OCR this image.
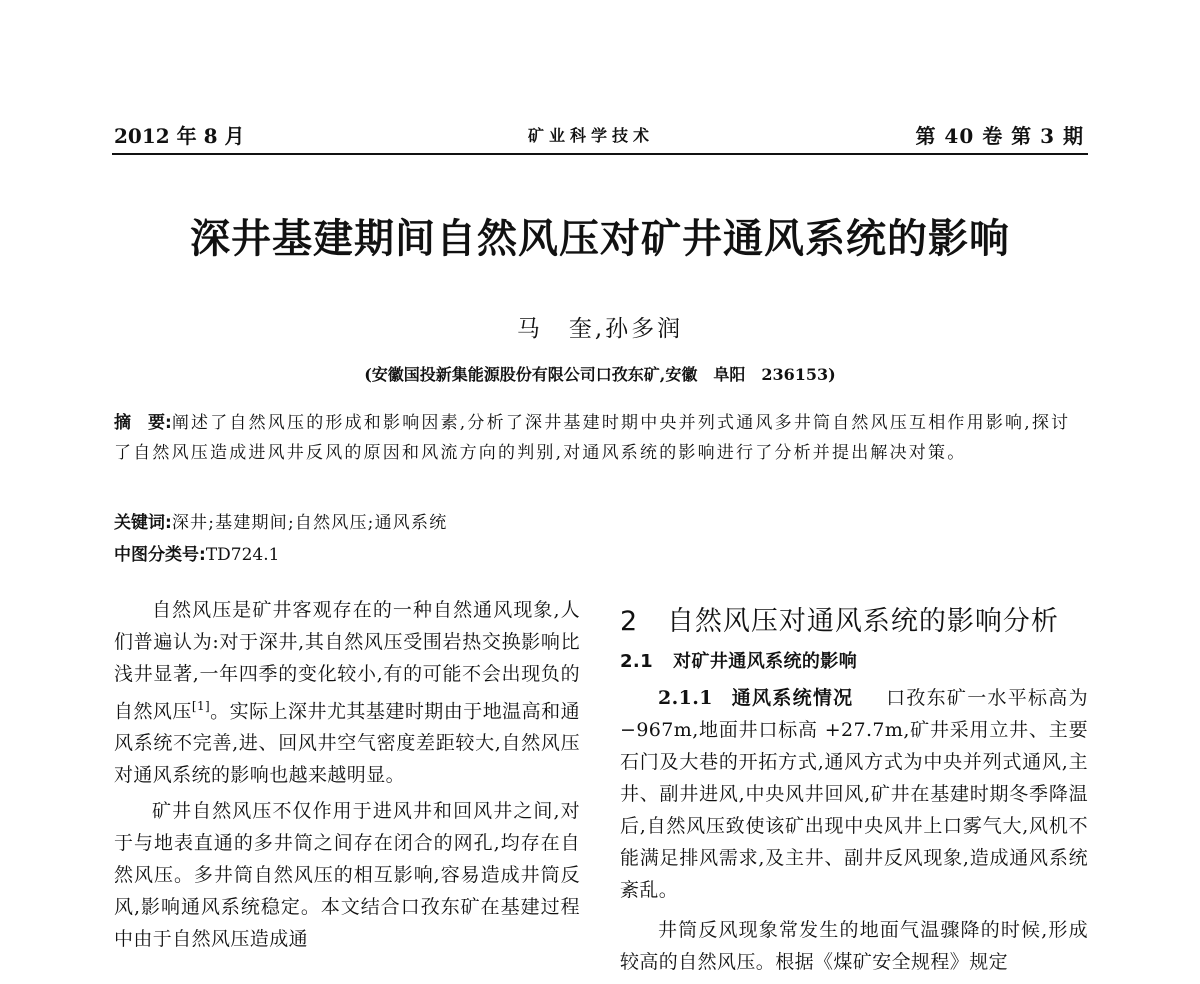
2012 年 8 月	矿业科学技术	第 40 卷 第 3 期
深井基建期间自然风压对矿井通风系统的影响
马　奎,孙多润
(安徽国投新集能源股份有限公司口孜东矿,安徽　阜阳　236153)
摘　要:阐述了自然风压的形成和影响因素,分析了深井基建时期中央并列式通风多井筒自然风压互相作用影响,探讨了自然风压造成进风井反风的原因和风流方向的判别,对通风系统的影响进行了分析并提出解决对策。
关键词:深井;基建期间;自然风压;通风系统
中图分类号:TD724.1

自然风压是矿井客观存在的一种自然通风现象,人们普遍认为:对于深井,其自然风压受围岩热交换影响比浅井显著,一年四季的变化较小,有的可能不会出现负的自然风压[1]。实际上深井尤其基建时期由于地温高和通风系统不完善,进、回风井空气密度差距较大,自然风压对通风系统的影响也越来越明显。

矿井自然风压不仅作用于进风井和回风井之间,对于与地表直通的多井筒之间存在闭合的网孔,均存在自然风压。多井筒自然风压的相互影响,容易造成井筒反风,影响通风系统稳定。本文结合口孜东矿在基建过程中由于自然风压造成通

2 自然风压对通风系统的影响分析
2.1 对矿井通风系统的影响

2.1.1 通风系统情况 口孜东矿一水平标高为 −967m,地面井口标高 +27.7m,矿井采用立井、主要石门及大巷的开拓方式,通风方式为中央并列式通风,主井、副井进风,中央风井回风,矿井在基建时期冬季降温后,自然风压致使该矿出现中央风井上口雾气大,风机不能满足排风需求,及主井、副井反风现象,造成通风系统紊乱。

井筒反风现象常发生的地面气温骤降的时候,形成较高的自然风压。根据《煤矿安全规程》规定
